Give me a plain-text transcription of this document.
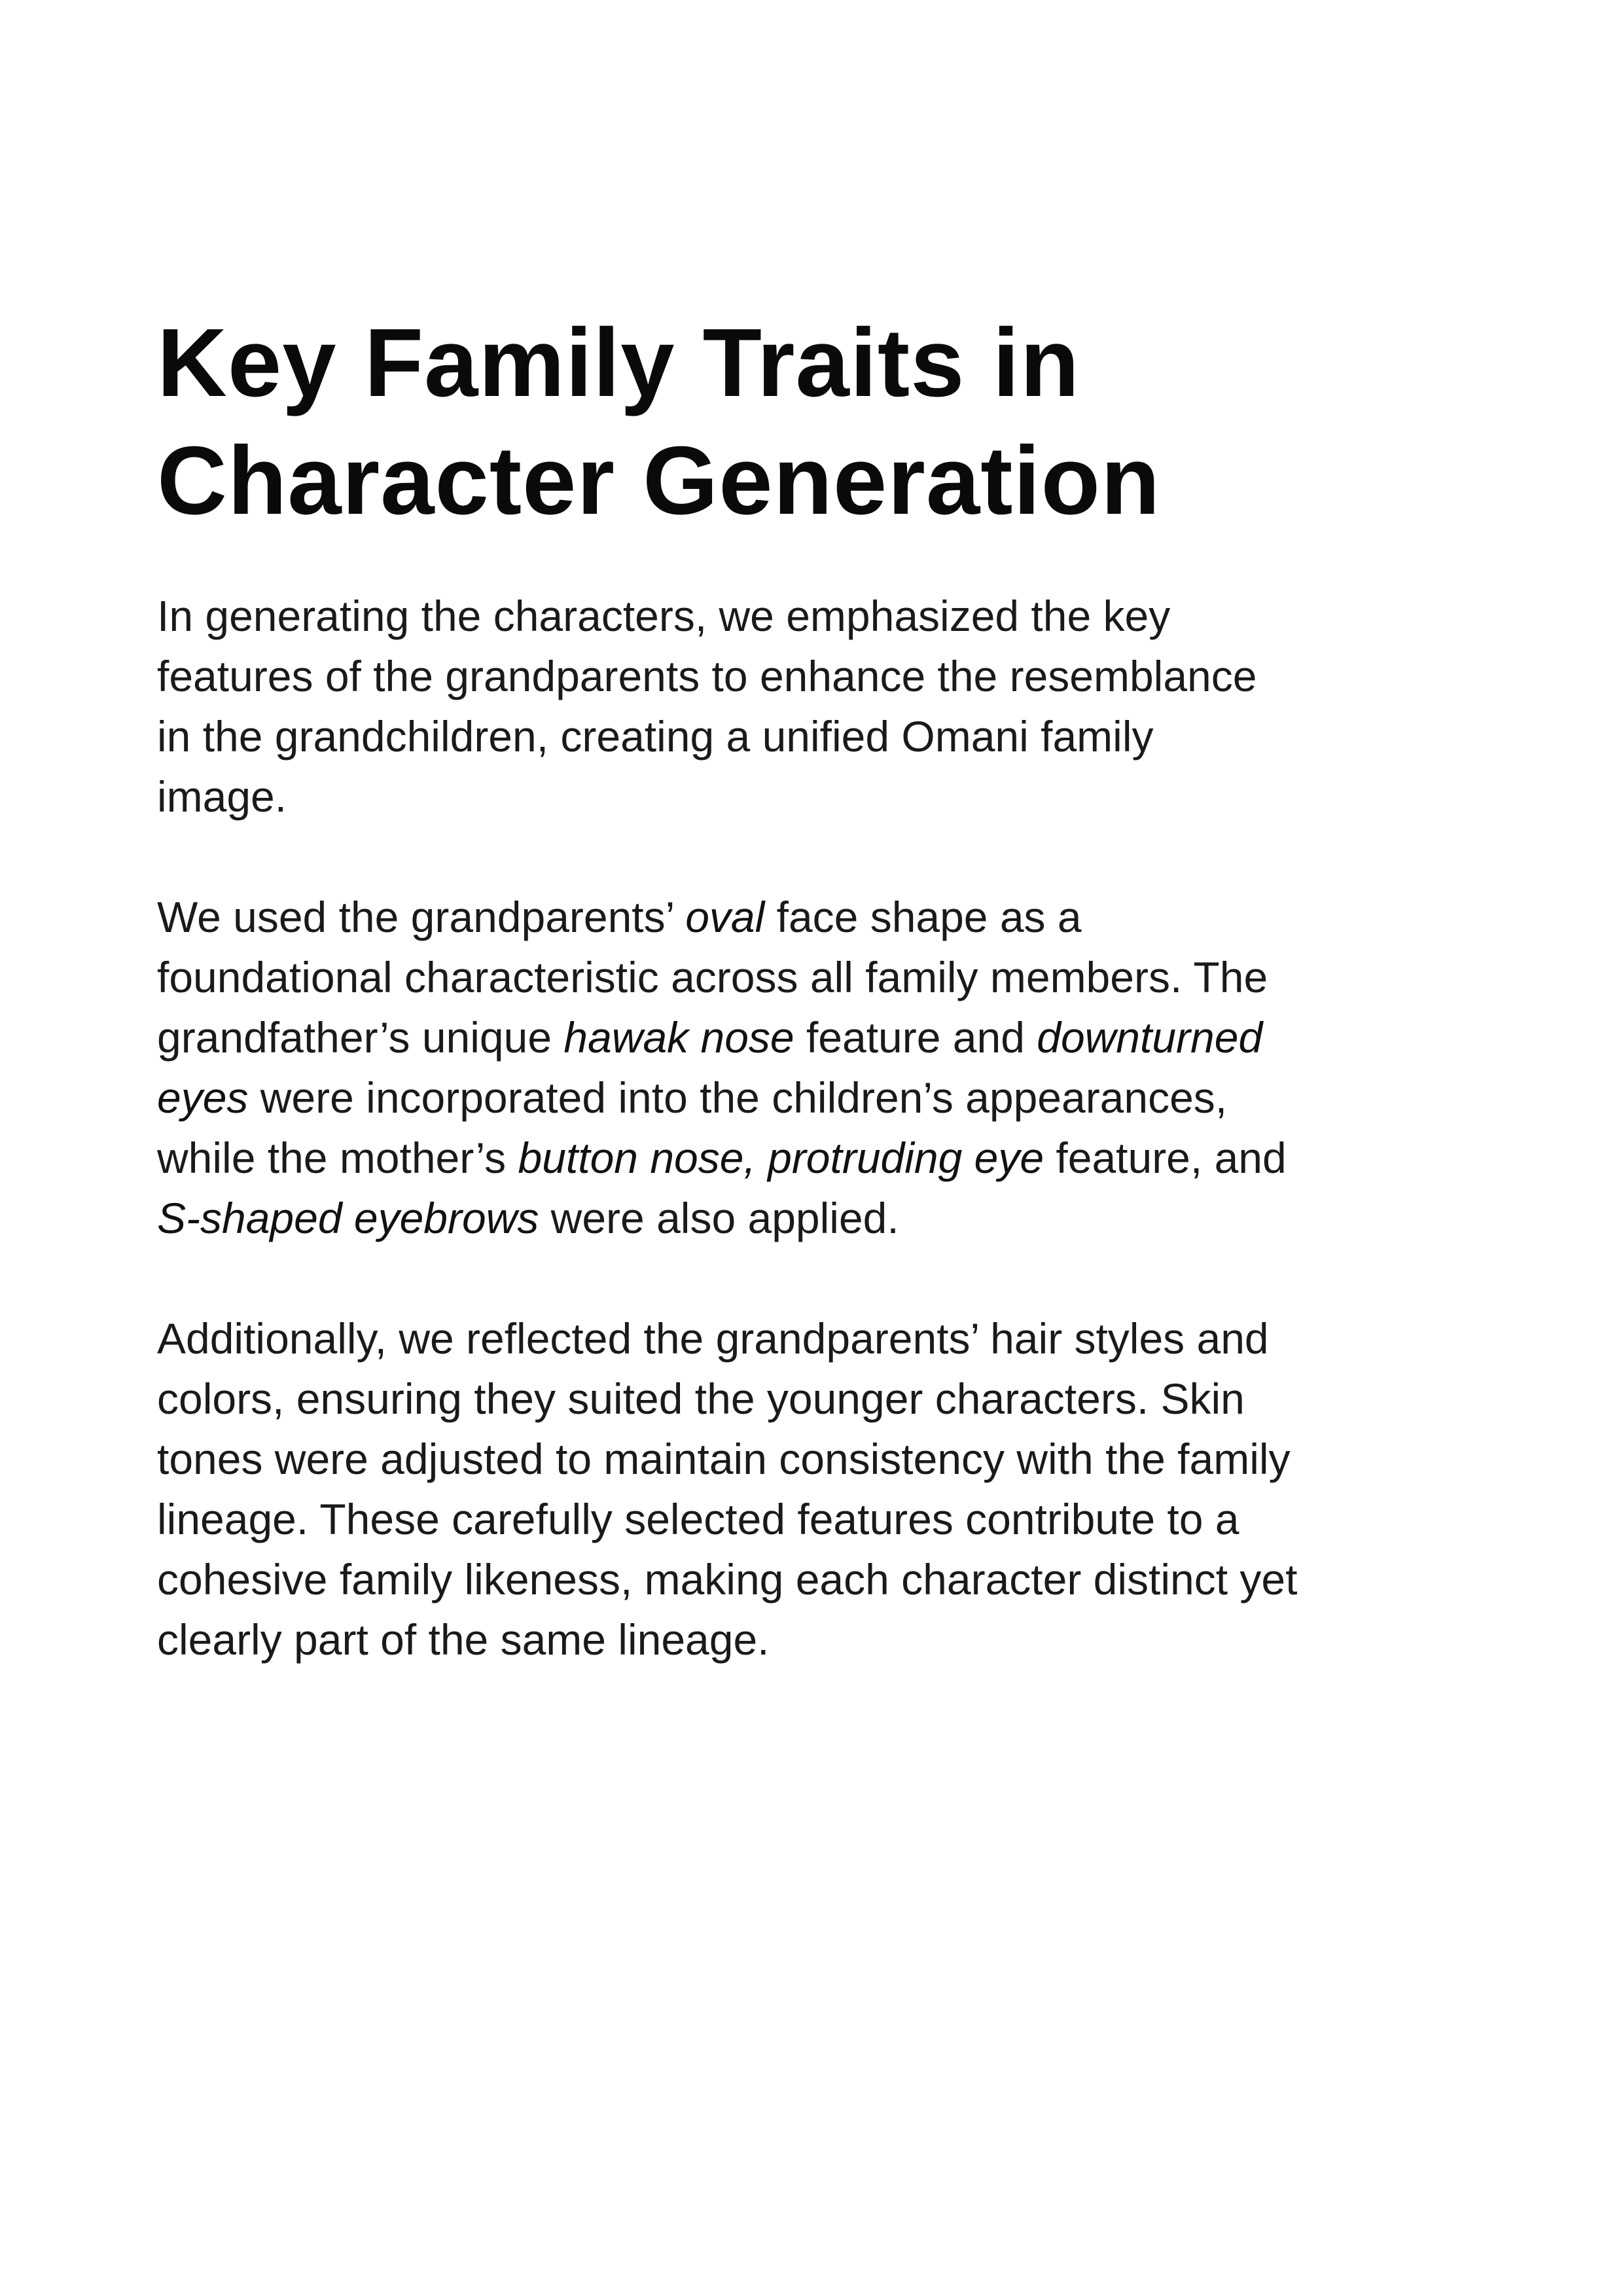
Key Family Traits in
Character Generation

In generating the characters, we emphasized the key
features of the grandparents to enhance the resemblance
in the grandchildren, creating a unified Omani family
image.

We used the grandparents’ oval face shape as a
foundational characteristic across all family members. The
grandfather’s unique hawak nose feature and downturned
eyes were incorporated into the children’s appearances,
while the mother’s button nose, protruding eye feature, and
S-shaped eyebrows were also applied.

Additionally, we reflected the grandparents’ hair styles and
colors, ensuring they suited the younger characters. Skin
tones were adjusted to maintain consistency with the family
lineage. These carefully selected features contribute to a
cohesive family likeness, making each character distinct yet
clearly part of the same lineage.
